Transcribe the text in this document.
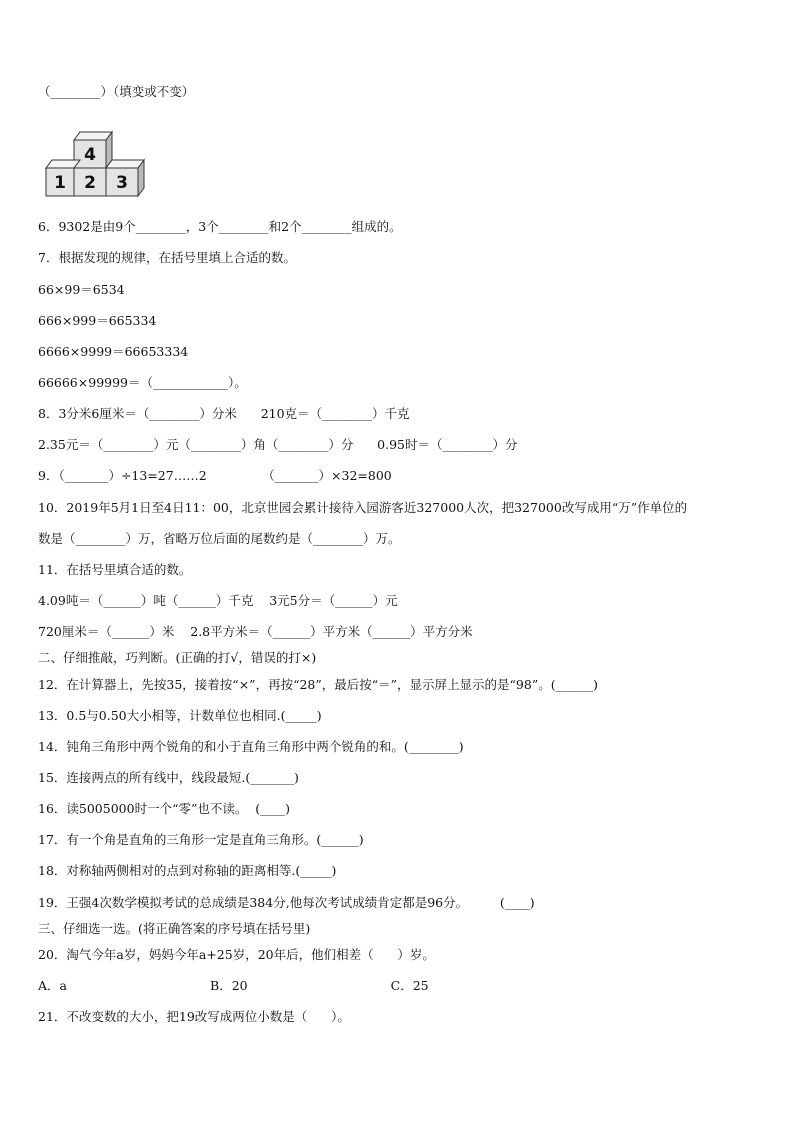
（________）（填变或不变）
4
1 2 3
6．9302是由9个________，3个________和2个________组成的。
7．根据发现的规律，在括号里填上合适的数。
66×99＝6534
666×999＝665334
6666×9999＝66653334
66666×99999＝（____________）。
8．3分米6厘米＝（________）分米      210克＝（________）千克
2.35元＝（________）元（________）角（________）分      0.95时＝（________）分
9．（_______）÷13=27……2              （_______）×32=800
10．2019年5月1日至4日11：00，北京世园会累计接待入园游客近327000人次，把327000改写成用“万”作单位的
数是（________）万，省略万位后面的尾数约是（________）万。
11．在括号里填合适的数。
4.09吨＝（______）吨（______）千克    3元5分＝（______）元
720厘米＝（______）米    2.8平方米＝（______）平方米（______）平方分米
二、仔细推敲，巧判断。(正确的打√，错误的打×)
12．在计算器上，先按35，接着按“×”，再按“28”，最后按“＝”，显示屏上显示的是“98”。(______)
13．0.5与0.50大小相等，计数单位也相同.(_____)
14．钝角三角形中两个锐角的和小于直角三角形中两个锐角的和。(________)
15．连接两点的所有线中，线段最短.(_______)
16．读5005000时一个“零”也不读。  (____)
17．有一个角是直角的三角形一定是直角三角形。(______)
18．对称轴两侧相对的点到对称轴的距离相等.(_____)
19．王强4次数学模拟考试的总成绩是384分,他每次考试成绩肯定都是96分。        (____)
三、仔细选一选。(将正确答案的序号填在括号里)
20．淘气今年a岁，妈妈今年a+25岁，20年后，他们相差（      ）岁。
A．a                                    B．20                                    C．25
21．不改变数的大小，把19改写成两位小数是（      ）。
